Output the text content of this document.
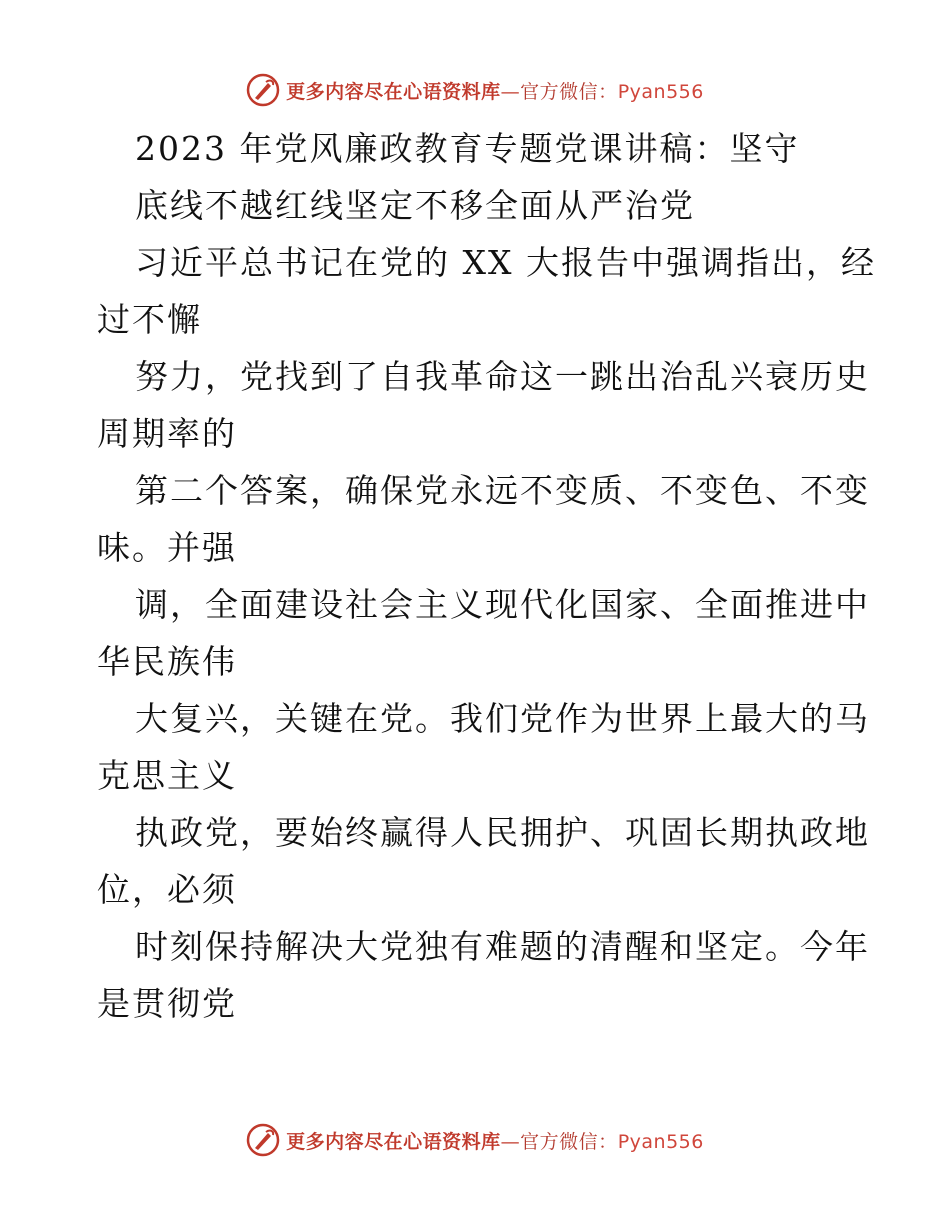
更多内容尽在心语资料库—官方微信：Pyan556
2023 年党风廉政教育专题党课讲稿：坚守
底线不越红线坚定不移全面从严治党
习近平总书记在党的 XX 大报告中强调指出，经
过不懈
努力，党找到了自我革命这一跳出治乱兴衰历史
周期率的
第二个答案，确保党永远不变质、不变色、不变
味。并强
调，全面建设社会主义现代化国家、全面推进中
华民族伟
大复兴，关键在党。我们党作为世界上最大的马
克思主义
执政党，要始终赢得人民拥护、巩固长期执政地
位，必须
时刻保持解决大党独有难题的清醒和坚定。今年
是贯彻党
更多内容尽在心语资料库—官方微信：Pyan556
